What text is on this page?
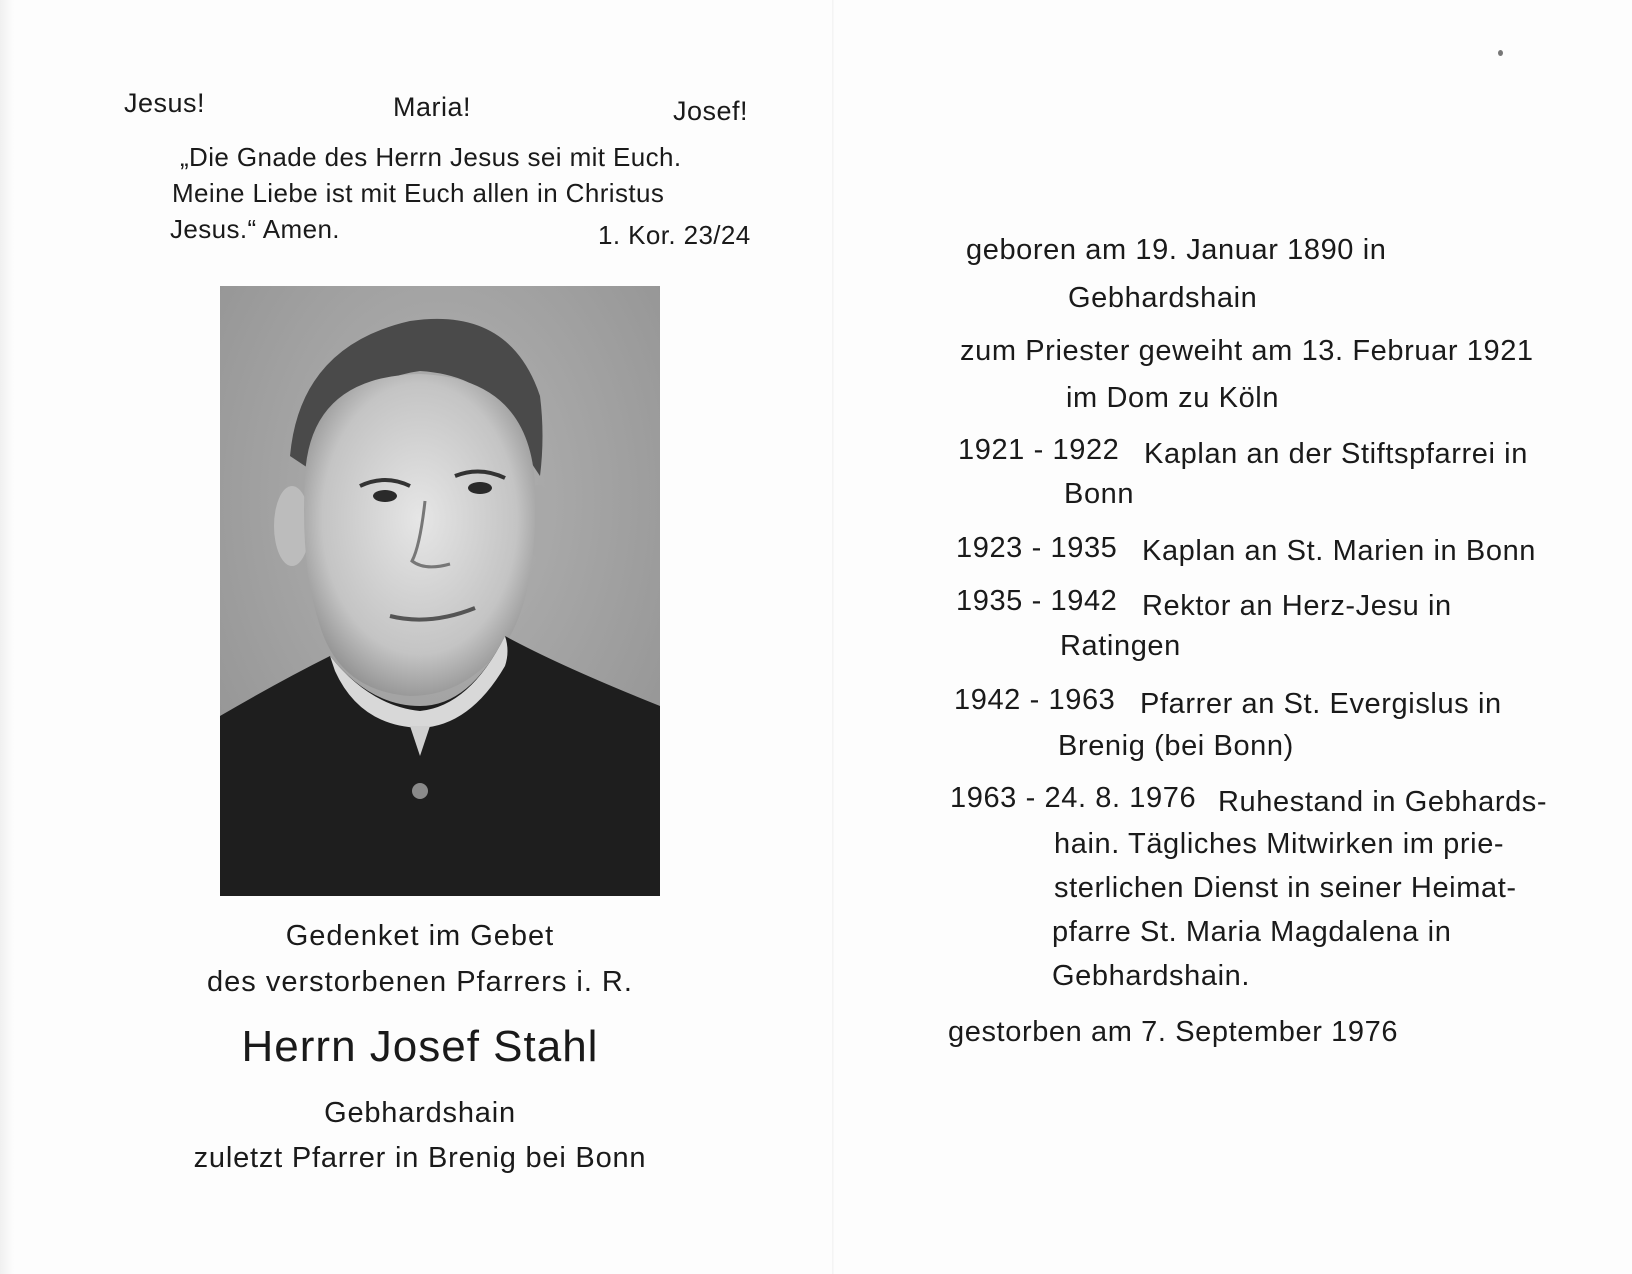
Jesus!	Maria!	Josef!
„Die Gnade des Herrn Jesus sei mit Euch.
Meine Liebe ist mit Euch allen in Christus
Jesus.“ Amen.	1. Kor. 23/24
Gedenket im Gebet
des verstorbenen Pfarrers i. R.
Herrn Josef Stahl
Gebhardshain
zuletzt Pfarrer in Brenig bei Bonn
geboren am 19. Januar 1890 in
Gebhardshain
zum Priester geweiht am 13. Februar 1921
im Dom zu Köln
1921 - 1922 Kaplan an der Stiftspfarrei in
Bonn
1923 - 1935 Kaplan an St. Marien in Bonn
1935 - 1942 Rektor an Herz-Jesu in
Ratingen
1942 - 1963 Pfarrer an St. Evergislus in
Brenig (bei Bonn)
1963 - 24. 8. 1976 Ruhestand in Gebhards-
hain. Tägliches Mitwirken im prie-
sterlichen Dienst in seiner Heimat-
pfarre St. Maria Magdalena in
Gebhardshain.
gestorben am 7. September 1976
